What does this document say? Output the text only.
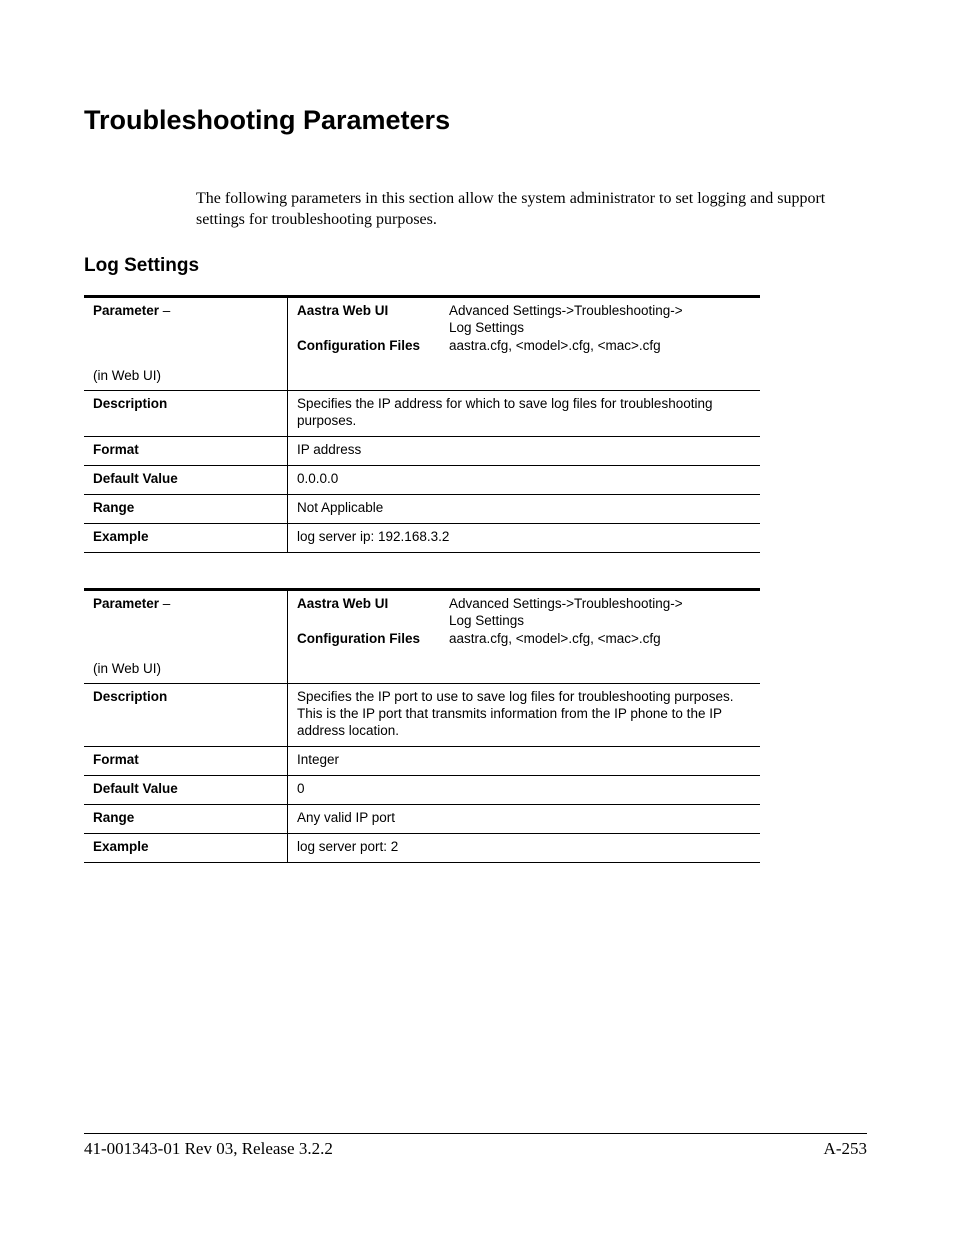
Troubleshooting Parameters

The following parameters in this section allow the system administrator to set logging and support settings for troubleshooting purposes.

Log Settings
Parameter –
(in Web UI)	Aastra Web UI Advanced Settings->Troubleshooting->
Log Settings
Configuration Files aastra.cfg, <model>.cfg, <mac>.cfg

Description	Specifies the IP address for which to save log files for troubleshooting purposes.
Format	IP address
Default Value	0.0.0.0
Range	Not Applicable
Example	log server ip: 192.168.3.2
Parameter –
(in Web UI)	Aastra Web UI Advanced Settings->Troubleshooting->
Log Settings
Configuration Files aastra.cfg, <model>.cfg, <mac>.cfg

Description	Specifies the IP port to use to save log files for troubleshooting purposes. This is the IP port that transmits information from the IP phone to the IP address location.
Format	Integer
Default Value	0
Range	Any valid IP port
Example	log server port: 2
41-001343-01 Rev 03, Release 3.2.2	A-253
